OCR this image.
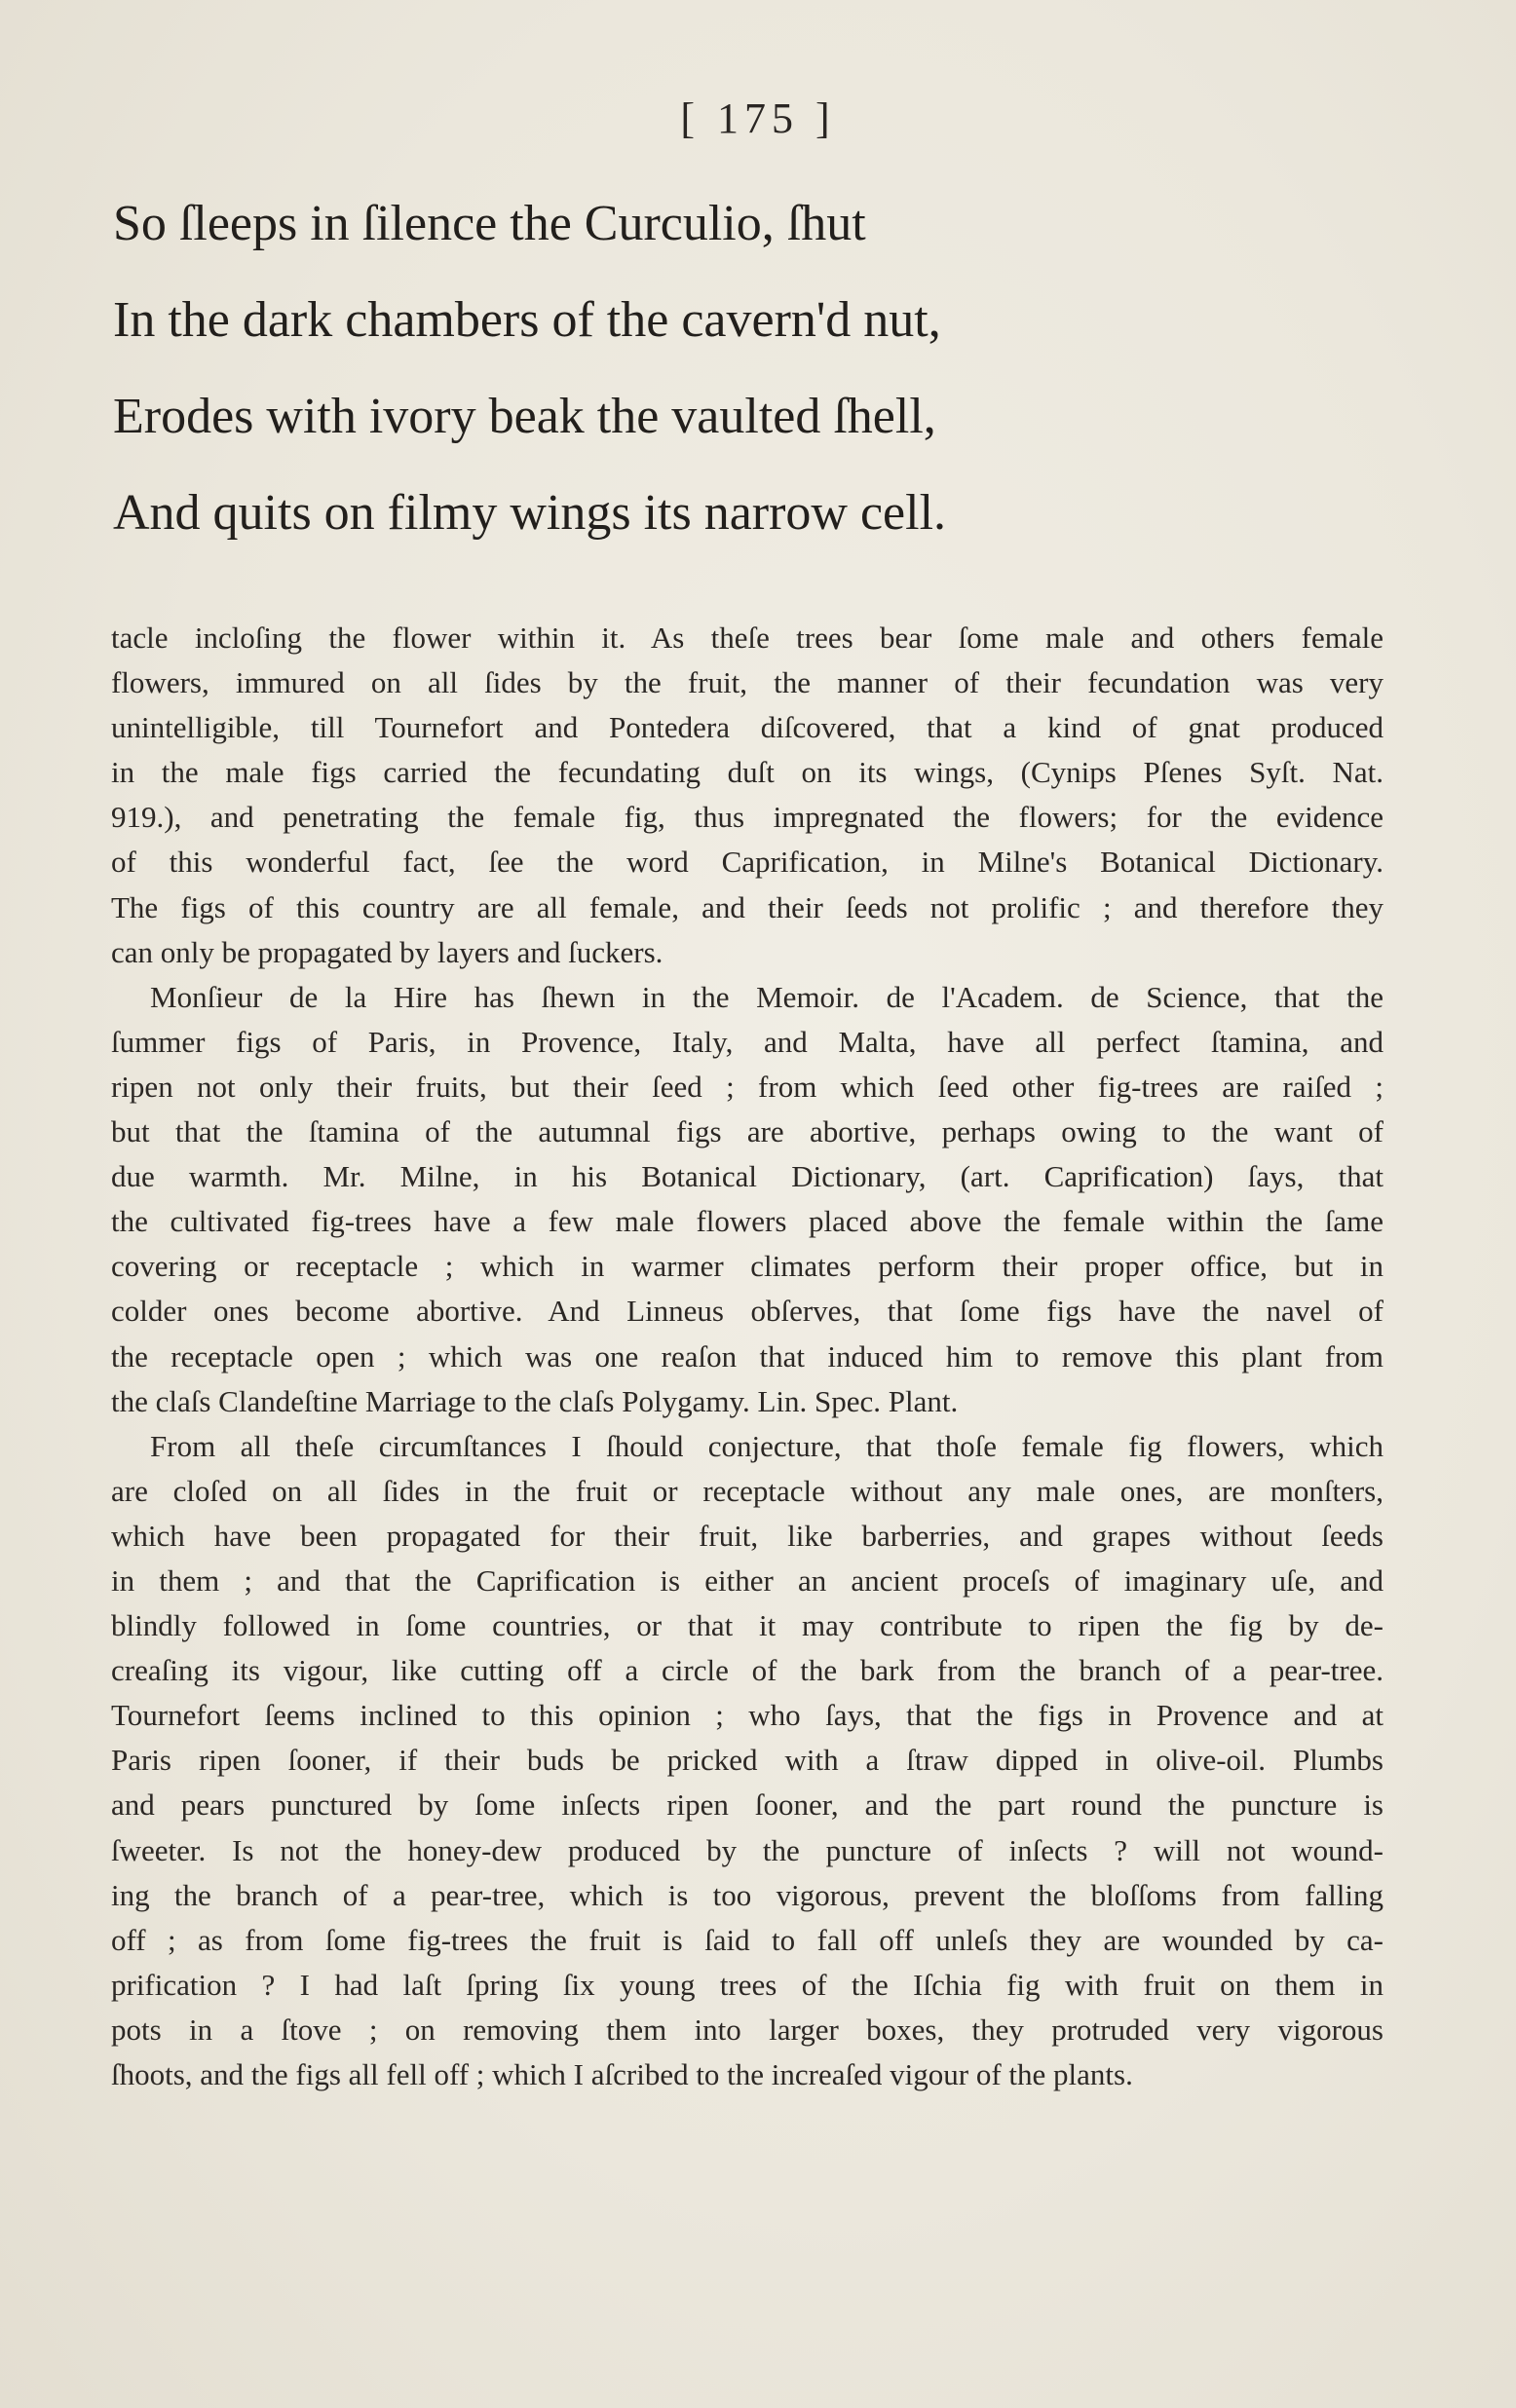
[ 175 ]
So ſleeps in ſilence the Curculio, ſhut
In the dark chambers of the cavern'd nut,
Erodes with ivory beak the vaulted ſhell,
And quits on filmy wings its narrow cell.
tacle incloſing the flower within it. As theſe trees bear ſome male and others female
flowers, immured on all ſides by the fruit, the manner of their fecundation was very
unintelligible, till Tournefort and Pontedera diſcovered, that a kind of gnat produced
in the male figs carried the fecundating duſt on its wings, (Cynips Pſenes Syſt. Nat.
919.), and penetrating the female fig, thus impregnated the flowers; for the evidence
of this wonderful fact, ſee the word Caprification, in Milne's Botanical Dictionary.
The figs of this country are all female, and their ſeeds not prolific ; and therefore they
can only be propagated by layers and ſuckers.
Monſieur de la Hire has ſhewn in the Memoir. de l'Academ. de Science, that the
ſummer figs of Paris, in Provence, Italy, and Malta, have all perfect ſtamina, and
ripen not only their fruits, but their ſeed ; from which ſeed other fig-trees are raiſed ;
but that the ſtamina of the autumnal figs are abortive, perhaps owing to the want of
due warmth. Mr. Milne, in his Botanical Dictionary, (art. Caprification) ſays, that
the cultivated fig-trees have a few male flowers placed above the female within the ſame
covering or receptacle ; which in warmer climates perform their proper office, but in
colder ones become abortive. And Linneus obſerves, that ſome figs have the navel of
the receptacle open ; which was one reaſon that induced him to remove this plant from
the claſs Clandeſtine Marriage to the claſs Polygamy. Lin. Spec. Plant.
From all theſe circumſtances I ſhould conjecture, that thoſe female fig flowers, which
are cloſed on all ſides in the fruit or receptacle without any male ones, are monſters,
which have been propagated for their fruit, like barberries, and grapes without ſeeds
in them ; and that the Caprification is either an ancient proceſs of imaginary uſe, and
blindly followed in ſome countries, or that it may contribute to ripen the fig by de-
creaſing its vigour, like cutting off a circle of the bark from the branch of a pear-tree.
Tournefort ſeems inclined to this opinion ; who ſays, that the figs in Provence and at
Paris ripen ſooner, if their buds be pricked with a ſtraw dipped in olive-oil. Plumbs
and pears punctured by ſome inſects ripen ſooner, and the part round the puncture is
ſweeter. Is not the honey-dew produced by the puncture of inſects ? will not wound-
ing the branch of a pear-tree, which is too vigorous, prevent the bloſſoms from falling
off ; as from ſome fig-trees the fruit is ſaid to fall off unleſs they are wounded by ca-
prification ? I had laſt ſpring ſix young trees of the Iſchia fig with fruit on them in
pots in a ſtove ; on removing them into larger boxes, they protruded very vigorous
ſhoots, and the figs all fell off ; which I aſcribed to the increaſed vigour of the plants.
